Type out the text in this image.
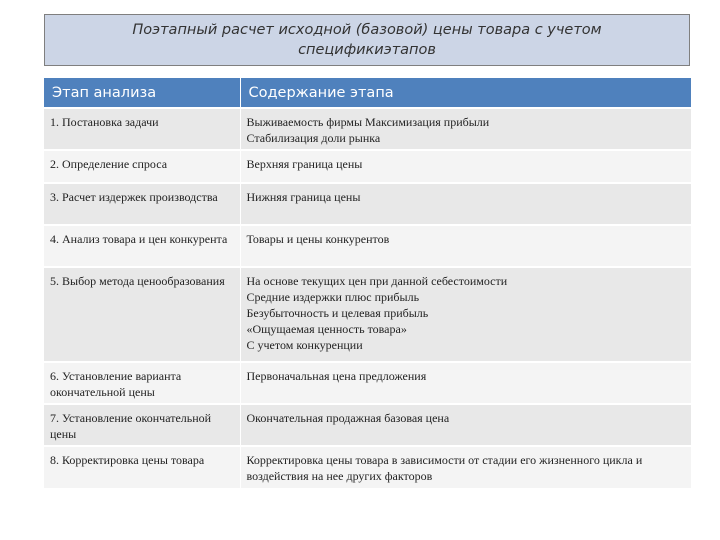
Поэтапный расчет исходной (базовой) цены товара с учетом спецификиэтапов
Этап анализа	Содержание этапа
1. Постановка задачи	Выживаемость фирмы Максимизация прибыли
Стабилизация доли рынка

2. Определение спроса	Верхняя граница цены

3. Расчет издержек производства	Нижняя граница цены

4. Анализ товара и цен конкурента	Товары и цены конкурентов

5. Выбор метода ценообразования	На основе текущих цен при данной себестоимости
Средние издержки плюс прибыль
Безубыточность и целевая прибыль
«Ощущаемая ценность товара»
С учетом конкуренции

6. Установление варианта окончательной цены	Первоначальная цена предложения

7. Установление окончательной цены	Окончательная продажная базовая цена

8. Корректировка цены товара	Корректировка цены товара в зависимости от стадии его жизненного цикла и воздействия на нее других факторов
